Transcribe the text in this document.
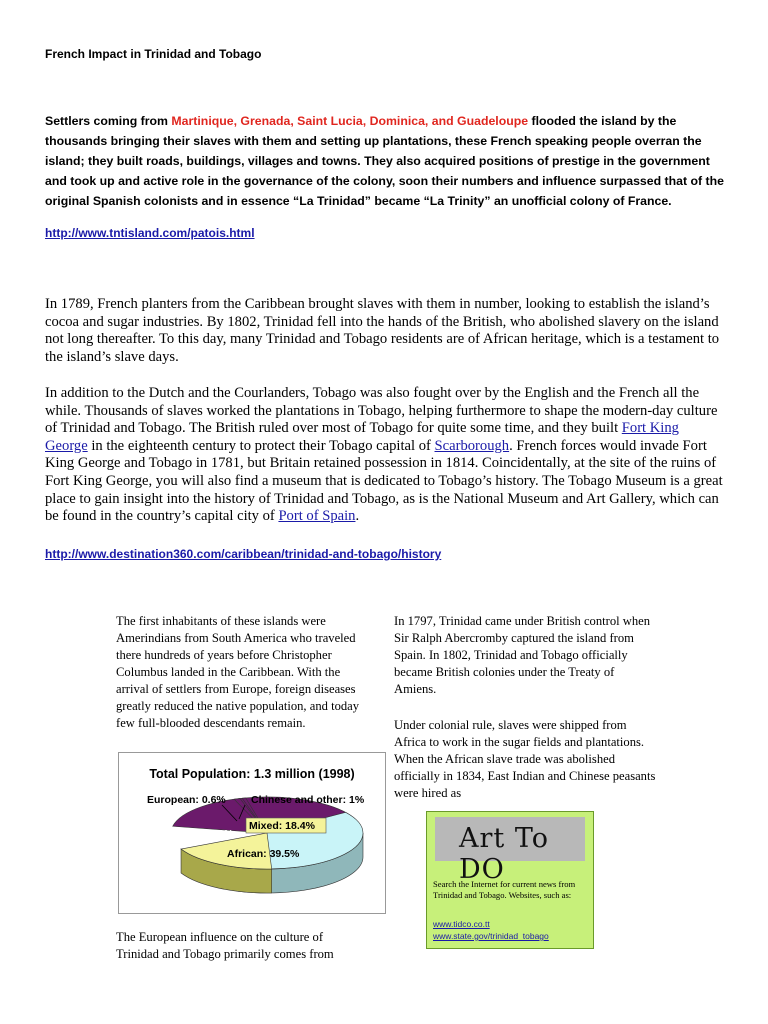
French Impact in Trinidad and Tobago
Settlers coming from Martinique, Grenada, Saint Lucia, Dominica, and Guadeloupe flooded the island by the thousands bringing their slaves with them and setting up plantations, these French speaking people overran the island; they built roads, buildings, villages and towns. They also acquired positions of prestige in the government and took up and active role in the governance of the colony, soon their numbers and influence surpassed that of the original Spanish colonists and in essence “La Trinidad” became “La Trinity” an unofficial colony of France.
http://www.tntisland.com/patois.html
In 1789, French planters from the Caribbean brought slaves with them in number, looking to establish the island’s cocoa and sugar industries. By 1802, Trinidad fell into the hands of the British, who abolished slavery on the island not long thereafter. To this day, many Trinidad and Tobago residents are of African heritage, which is a testament to the island’s slave days.
In addition to the Dutch and the Courlanders, Tobago was also fought over by the English and the French all the while. Thousands of slaves worked the plantations in Tobago, helping furthermore to shape the modern-day culture of Trinidad and Tobago. The British ruled over most of Tobago for quite some time, and they built Fort King George in the eighteenth century to protect their Tobago capital of Scarborough. French forces would invade Fort King George and Tobago in 1781, but Britain retained possession in 1814. Coincidentally, at the site of the ruins of Fort King George, you will also find a museum that is dedicated to Tobago’s history. The Tobago Museum is a great place to gain insight into the history of Trinidad and Tobago, as is the National Museum and Art Gallery, which can be found in the country’s capital city of Port of Spain.
http://www.destination360.com/caribbean/trinidad-and-tobago/history
The first inhabitants of these islands were Amerindians from South America who traveled there hundreds of years before Christopher Columbus landed in the Caribbean. With the arrival of settlers from Europe, foreign diseases greatly reduced the native population, and today few full-blooded descendants remain.
In 1797, Trinidad came under British control when Sir Ralph Abercromby captured the island from Spain. In 1802, Trinidad and Tobago officially became British colonies under the Treaty of Amiens.
Under colonial rule, slaves were shipped from Africa to work in the sugar fields and plantations. When the African slave trade was abolished officially in 1834, East Indian and Chinese peasants were hired as
The European influence on the culture of Trinidad and Tobago primarily comes from
Total Population: 1.3 million (1998)
East Indian: 40.3%
African: 39.5%
Mixed: 18.4%
Chinese and other: 1%
European: 0.6%
Art To DO
Search the Internet for current news from Trinidad and Tobago. Websites, such as:
www.tidco.co.tt
www.state.gov/trinidad_tobago
